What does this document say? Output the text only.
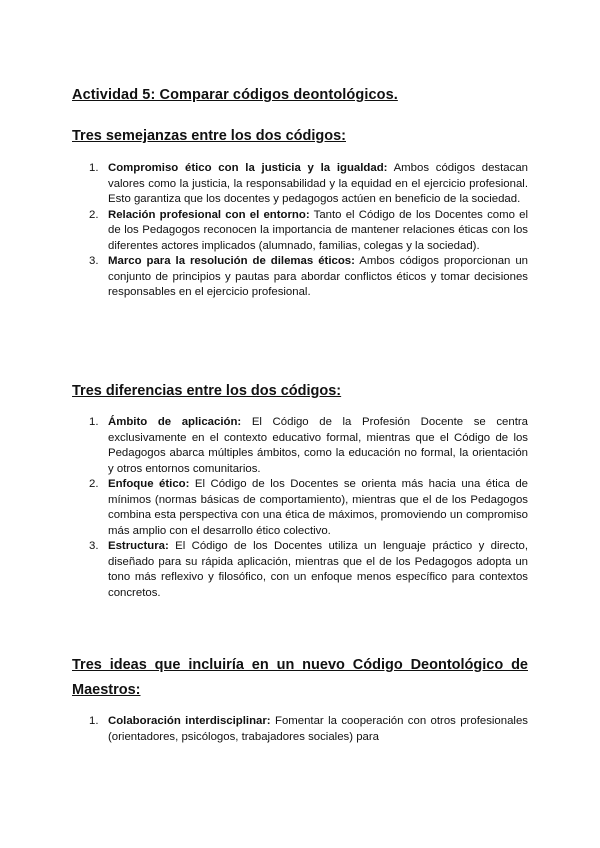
Actividad 5: Comparar códigos deontológicos.
Tres semejanzas entre los dos códigos:
1. Compromiso ético con la justicia y la igualdad: Ambos códigos destacan valores como la justicia, la responsabilidad y la equidad en el ejercicio profesional. Esto garantiza que los docentes y pedagogos actúen en beneficio de la sociedad.
2. Relación profesional con el entorno: Tanto el Código de los Docentes como el de los Pedagogos reconocen la importancia de mantener relaciones éticas con los diferentes actores implicados (alumnado, familias, colegas y la sociedad).
3. Marco para la resolución de dilemas éticos: Ambos códigos proporcionan un conjunto de principios y pautas para abordar conflictos éticos y tomar decisiones responsables en el ejercicio profesional.
Tres diferencias entre los dos códigos:
1. Ámbito de aplicación: El Código de la Profesión Docente se centra exclusivamente en el contexto educativo formal, mientras que el Código de los Pedagogos abarca múltiples ámbitos, como la educación no formal, la orientación y otros entornos comunitarios.
2. Enfoque ético: El Código de los Docentes se orienta más hacia una ética de mínimos (normas básicas de comportamiento), mientras que el de los Pedagogos combina esta perspectiva con una ética de máximos, promoviendo un compromiso más amplio con el desarrollo ético colectivo.
3. Estructura: El Código de los Docentes utiliza un lenguaje práctico y directo, diseñado para su rápida aplicación, mientras que el de los Pedagogos adopta un tono más reflexivo y filosófico, con un enfoque menos específico para contextos concretos.
Tres ideas que incluiría en un nuevo Código Deontológico de Maestros:
1. Colaboración interdisciplinar: Fomentar la cooperación con otros profesionales (orientadores, psicólogos, trabajadores sociales) para
